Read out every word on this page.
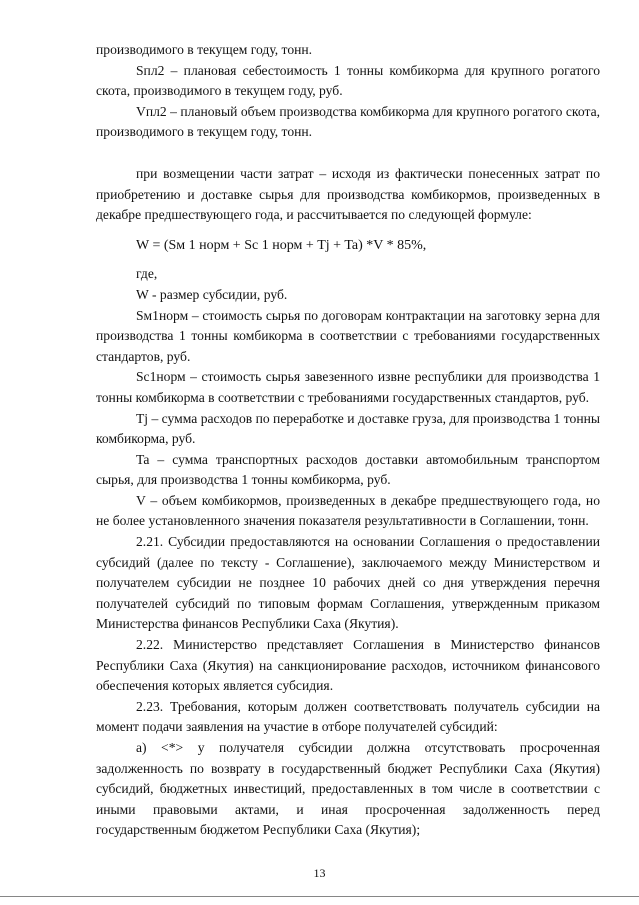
производимого в текущем году, тонн.

Sпл2 – плановая себестоимость 1 тонны комбикорма для крупного рогатого скота, производимого в текущем году, руб.

Vпл2 – плановый объем производства комбикорма для крупного рогатого скота, производимого в текущем году, тонн.

при возмещении части затрат – исходя из фактически понесенных затрат по приобретению и доставке сырья для производства комбикормов, произведенных в декабре предшествующего года, и рассчитывается по следующей формуле:

W = (Sм 1 норм + Sc 1 норм + Tj + Ta) *V * 85%,

где,

W - размер субсидии, руб.

Sм1норм – стоимость сырья по договорам контрактации на заготовку зерна для производства 1 тонны комбикорма в соответствии с требованиями государственных стандартов, руб.

Sc1норм – стоимость сырья завезенного извне республики для производства 1 тонны комбикорма в соответствии с требованиями государственных стандартов, руб.

Tj – сумма расходов по переработке и доставке груза, для производства 1 тонны комбикорма, руб.

Ta – сумма транспортных расходов доставки автомобильным транспортом сырья, для производства 1 тонны комбикорма, руб.

V – объем комбикормов, произведенных в декабре предшествующего года, но не более установленного значения показателя результативности в Соглашении, тонн.

2.21. Субсидии предоставляются на основании Соглашения о предоставлении субсидий (далее по тексту - Соглашение), заключаемого между Министерством и получателем субсидии не позднее 10 рабочих дней со дня утверждения перечня получателей субсидий по типовым формам Соглашения, утвержденным приказом Министерства финансов Республики Саха (Якутия).

2.22. Министерство представляет Соглашения в Министерство финансов Республики Саха (Якутия) на санкционирование расходов, источником финансового обеспечения которых является субсидия.

2.23. Требования, которым должен соответствовать получатель субсидии на момент подачи заявления на участие в отборе получателей субсидий:

а) <*> у получателя субсидии должна отсутствовать просроченная задолженность по возврату в государственный бюджет Республики Саха (Якутия) субсидий, бюджетных инвестиций, предоставленных в том числе в соответствии с иными правовыми актами, и иная просроченная задолженность перед государственным бюджетом Республики Саха (Якутия);

13
